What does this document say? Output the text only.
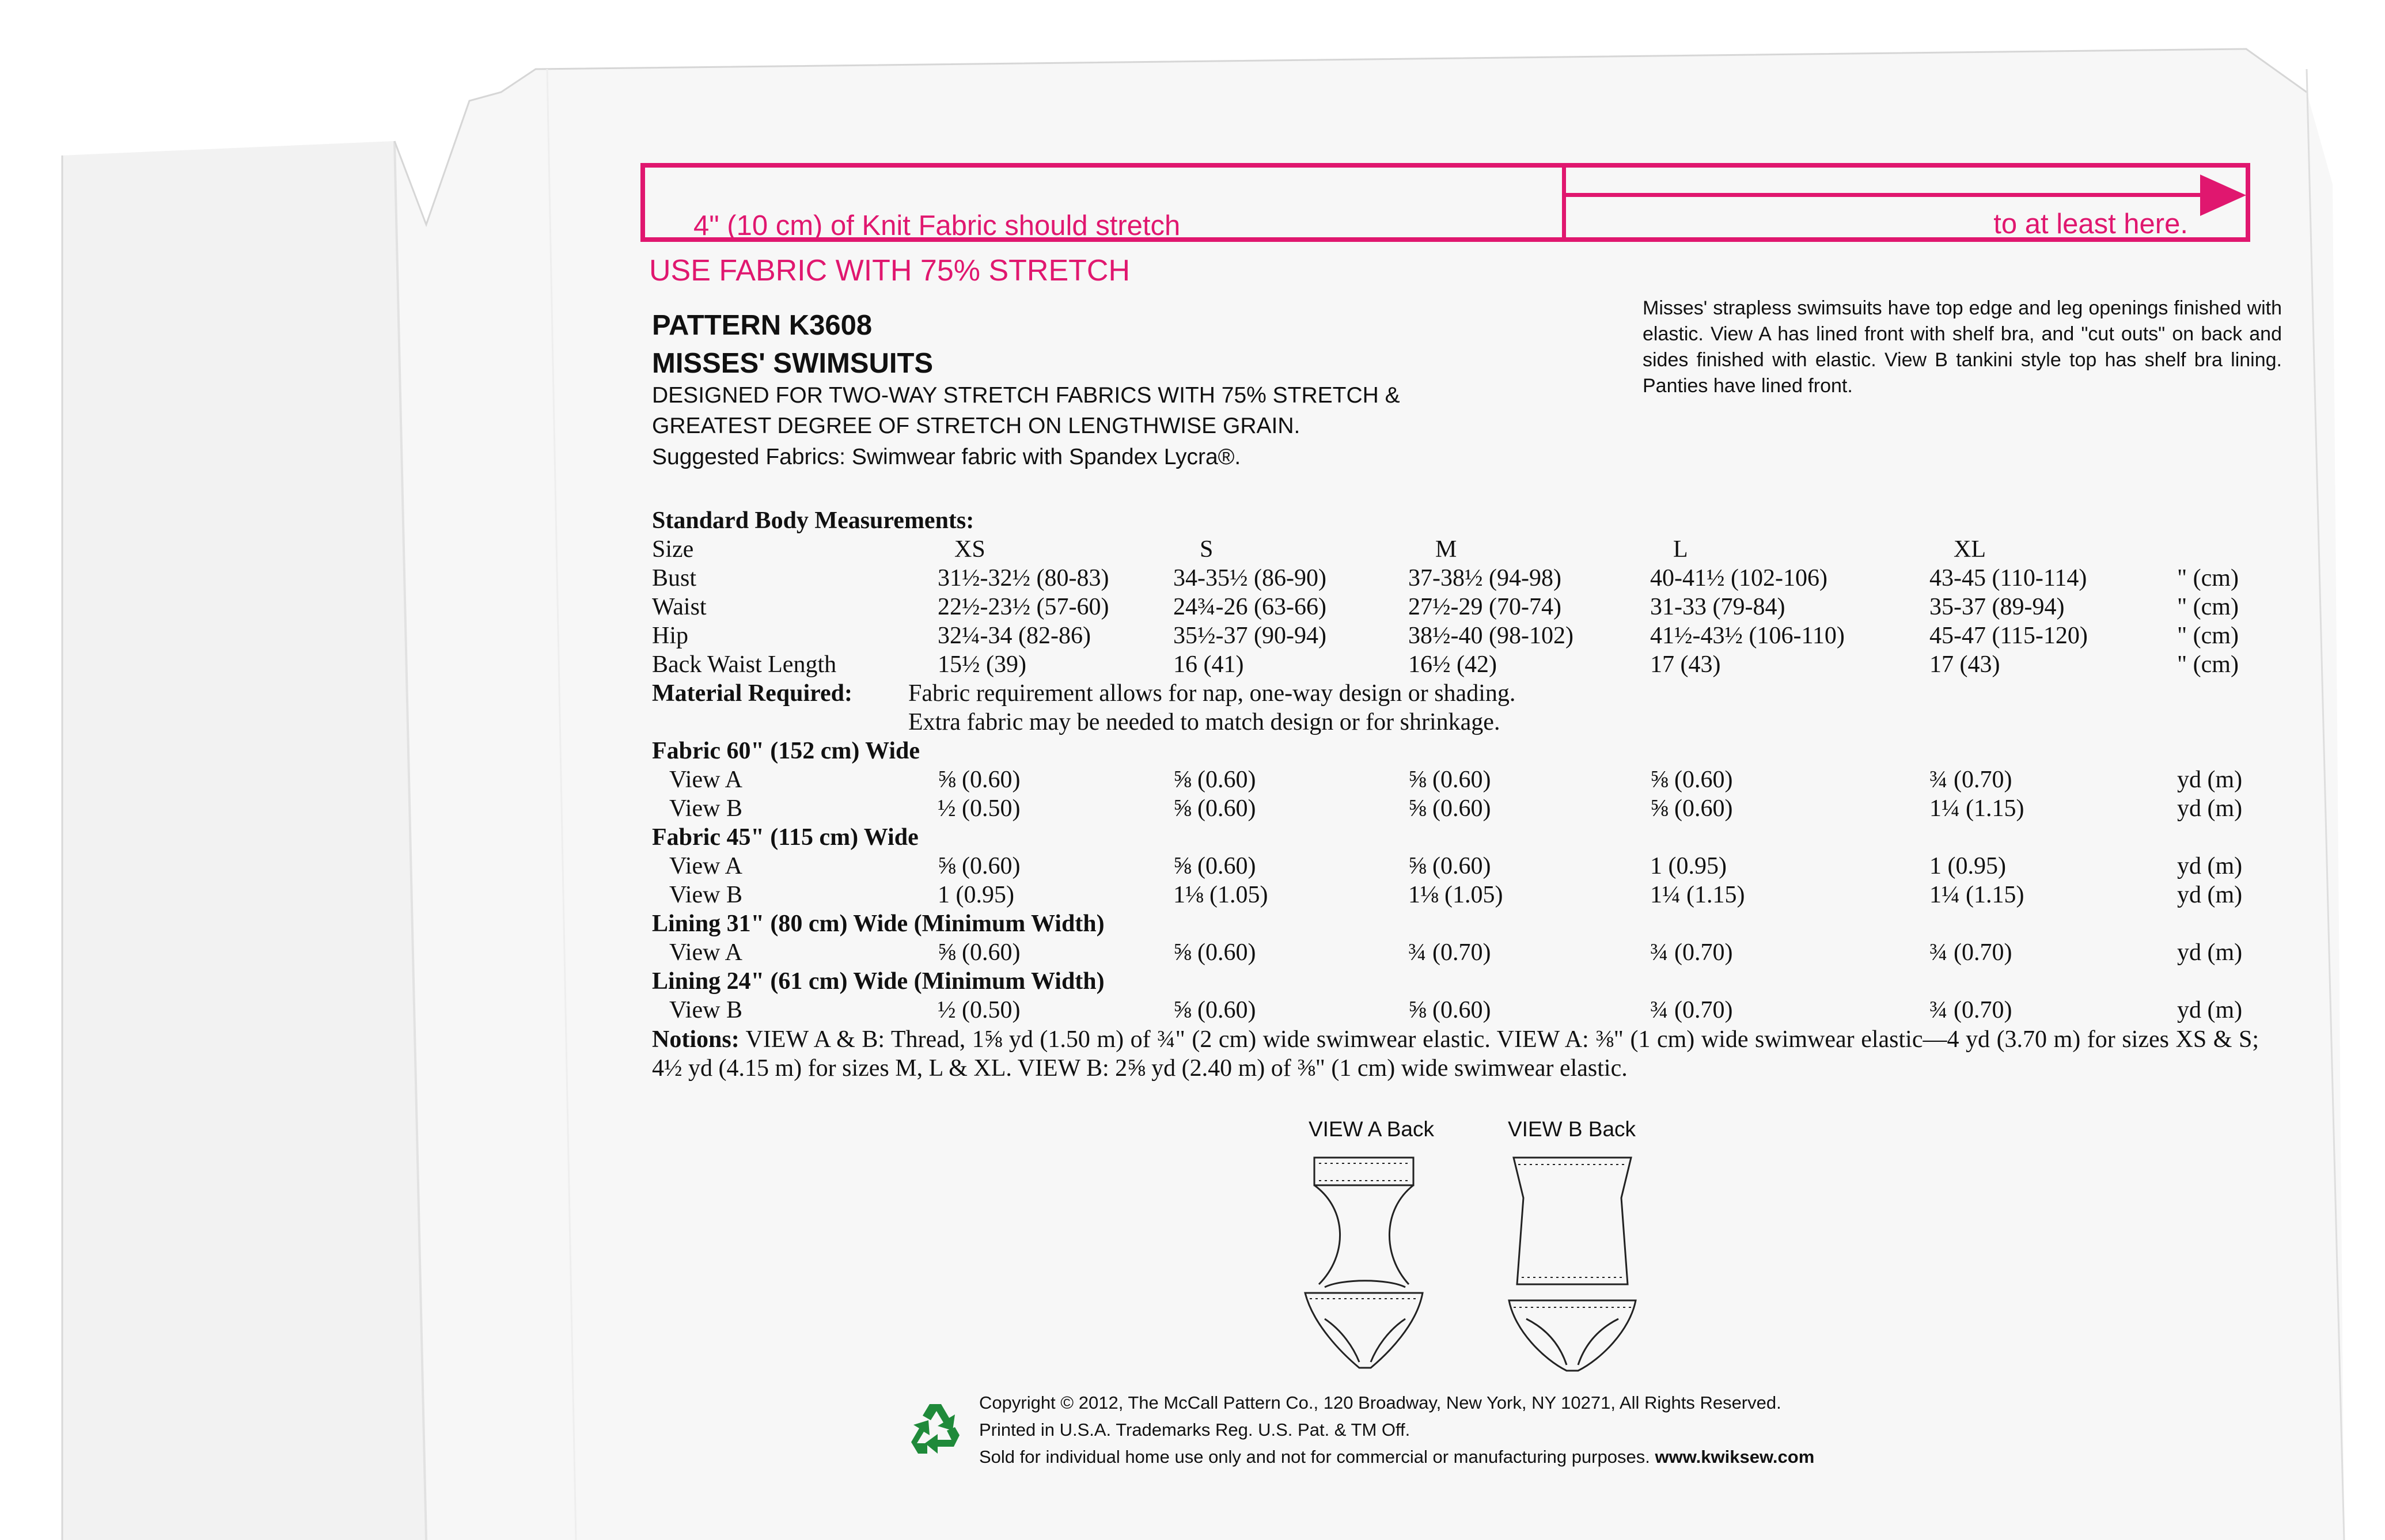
4" (10 cm) of Knit Fabric should stretch	to at least here.
USE FABRIC WITH 75% STRETCH
PATTERN K3608
MISSES' SWIMSUITS
DESIGNED FOR TWO-WAY STRETCH FABRICS WITH 75% STRETCH &
GREATEST DEGREE OF STRETCH ON LENGTHWISE GRAIN.
Suggested Fabrics: Swimwear fabric with Spandex Lycra®.
Misses' strapless swimsuits have top edge and leg openings finished with elastic. View A has lined front with shelf bra, and "cut outs" on back and sides finished with elastic. View B tankini style top has shelf bra lining. Panties have lined front.
Standard Body Measurements:
Size	XS	S	M	L	XL
Bust	31½-32½ (80-83)	34-35½ (86-90)	37-38½ (94-98)	40-41½ (102-106)	43-45 (110-114)	" (cm)
Waist	22½-23½ (57-60)	24¾-26 (63-66)	27½-29 (70-74)	31-33 (79-84)	35-37 (89-94)	" (cm)
Hip	32¼-34 (82-86)	35½-37 (90-94)	38½-40 (98-102)	41½-43½ (106-110)	45-47 (115-120)	" (cm)
Back Waist Length	15½ (39)	16 (41)	16½ (42)	17 (43)	17 (43)	" (cm)
Material Required: Fabric requirement allows for nap, one-way design or shading.
Extra fabric may be needed to match design or for shrinkage.
Fabric 60" (152 cm) Wide
View A	⅝ (0.60)	⅝ (0.60)	⅝ (0.60)	⅝ (0.60)	¾ (0.70)	yd (m)
View B	½ (0.50)	⅝ (0.60)	⅝ (0.60)	⅝ (0.60)	1¼ (1.15)	yd (m)
Fabric 45" (115 cm) Wide
View A	⅝ (0.60)	⅝ (0.60)	⅝ (0.60)	1 (0.95)	1 (0.95)	yd (m)
View B	1 (0.95)	1⅛ (1.05)	1⅛ (1.05)	1¼ (1.15)	1¼ (1.15)	yd (m)
Lining 31" (80 cm) Wide (Minimum Width)
View A	⅝ (0.60)	⅝ (0.60)	¾ (0.70)	¾ (0.70)	¾ (0.70)	yd (m)
Lining 24" (61 cm) Wide (Minimum Width)
View B	½ (0.50)	⅝ (0.60)	⅝ (0.60)	¾ (0.70)	¾ (0.70)	yd (m)
Notions: VIEW A & B: Thread, 1⅝ yd (1.50 m) of ¾" (2 cm) wide swimwear elastic. VIEW A: ⅜" (1 cm) wide swimwear elastic—4 yd (3.70 m) for sizes XS & S; 4½ yd (4.15 m) for sizes M, L & XL. VIEW B: 2⅝ yd (2.40 m) of ⅜" (1 cm) wide swimwear elastic.
VIEW A Back	VIEW B Back
Copyright © 2012, The McCall Pattern Co., 120 Broadway, New York, NY 10271, All Rights Reserved.
Printed in U.S.A. Trademarks Reg. U.S. Pat. & TM Off.
Sold for individual home use only and not for commercial or manufacturing purposes. www.kwiksew.com
